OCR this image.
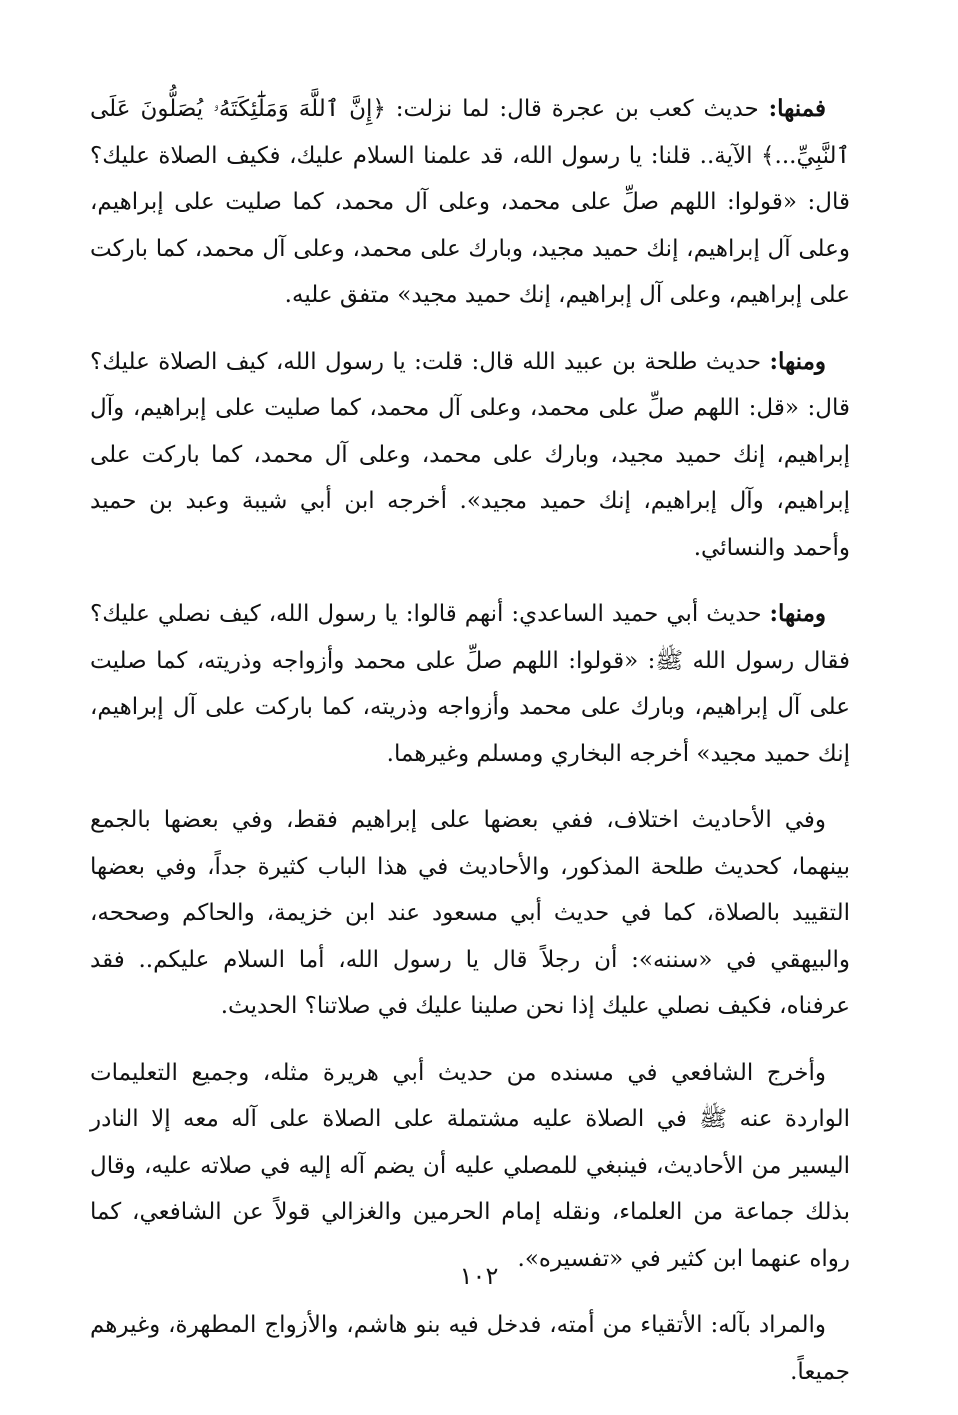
فمنها: حديث كعب بن عجرة قال: لما نزلت: ﴿إِنَّ ٱللَّهَ وَمَلَٰٓئِكَتَهُۥ يُصَلُّونَ عَلَى ٱلنَّبِيِّ...﴾ الآية.. قلنا: يا رسول الله، قد علمنا السلام عليك، فكيف الصلاة عليك؟ قال: «قولوا: اللهم صلِّ على محمد، وعلى آل محمد، كما صليت على إبراهيم، وعلى آل إبراهيم، إنك حميد مجيد، وبارك على محمد، وعلى آل محمد، كما باركت على إبراهيم، وعلى آل إبراهيم، إنك حميد مجيد» متفق عليه.

ومنها: حديث طلحة بن عبيد الله قال: قلت: يا رسول الله، كيف الصلاة عليك؟ قال: «قل: اللهم صلِّ على محمد، وعلى آل محمد، كما صليت على إبراهيم، وآل إبراهيم، إنك حميد مجيد، وبارك على محمد، وعلى آل محمد، كما باركت على إبراهيم، وآل إبراهيم، إنك حميد مجيد». أخرجه ابن أبي شيبة وعبد بن حميد وأحمد والنسائي.

ومنها: حديث أبي حميد الساعدي: أنهم قالوا: يا رسول الله، كيف نصلي عليك؟ فقال رسول الله ﷺ: «قولوا: اللهم صلِّ على محمد وأزواجه وذريته، كما صليت على آل إبراهيم، وبارك على محمد وأزواجه وذريته، كما باركت على آل إبراهيم، إنك حميد مجيد» أخرجه البخاري ومسلم وغيرهما.

وفي الأحاديث اختلاف، ففي بعضها على إبراهيم فقط، وفي بعضها بالجمع بينهما، كحديث طلحة المذكور، والأحاديث في هذا الباب كثيرة جداً، وفي بعضها التقييد بالصلاة، كما في حديث أبي مسعود عند ابن خزيمة، والحاكم وصححه، والبيهقي في «سننه»: أن رجلاً قال يا رسول الله، أما السلام عليكم.. فقد عرفناه، فكيف نصلي عليك إذا نحن صلينا عليك في صلاتنا؟ الحديث.

وأخرج الشافعي في مسنده من حديث أبي هريرة مثله، وجميع التعليمات الواردة عنه ﷺ في الصلاة عليه مشتملة على الصلاة على آله معه إلا النادر اليسير من الأحاديث، فينبغي للمصلي عليه أن يضم آله إليه في صلاته عليه، وقال بذلك جماعة من العلماء، ونقله إمام الحرمين والغزالي قولاً عن الشافعي، كما رواه عنهما ابن كثير في «تفسيره».

والمراد بآله: الأتقياء من أمته، فدخل فيه بنو هاشم، والأزواج المطهرة، وغيرهم جميعاً.

١٠٢
